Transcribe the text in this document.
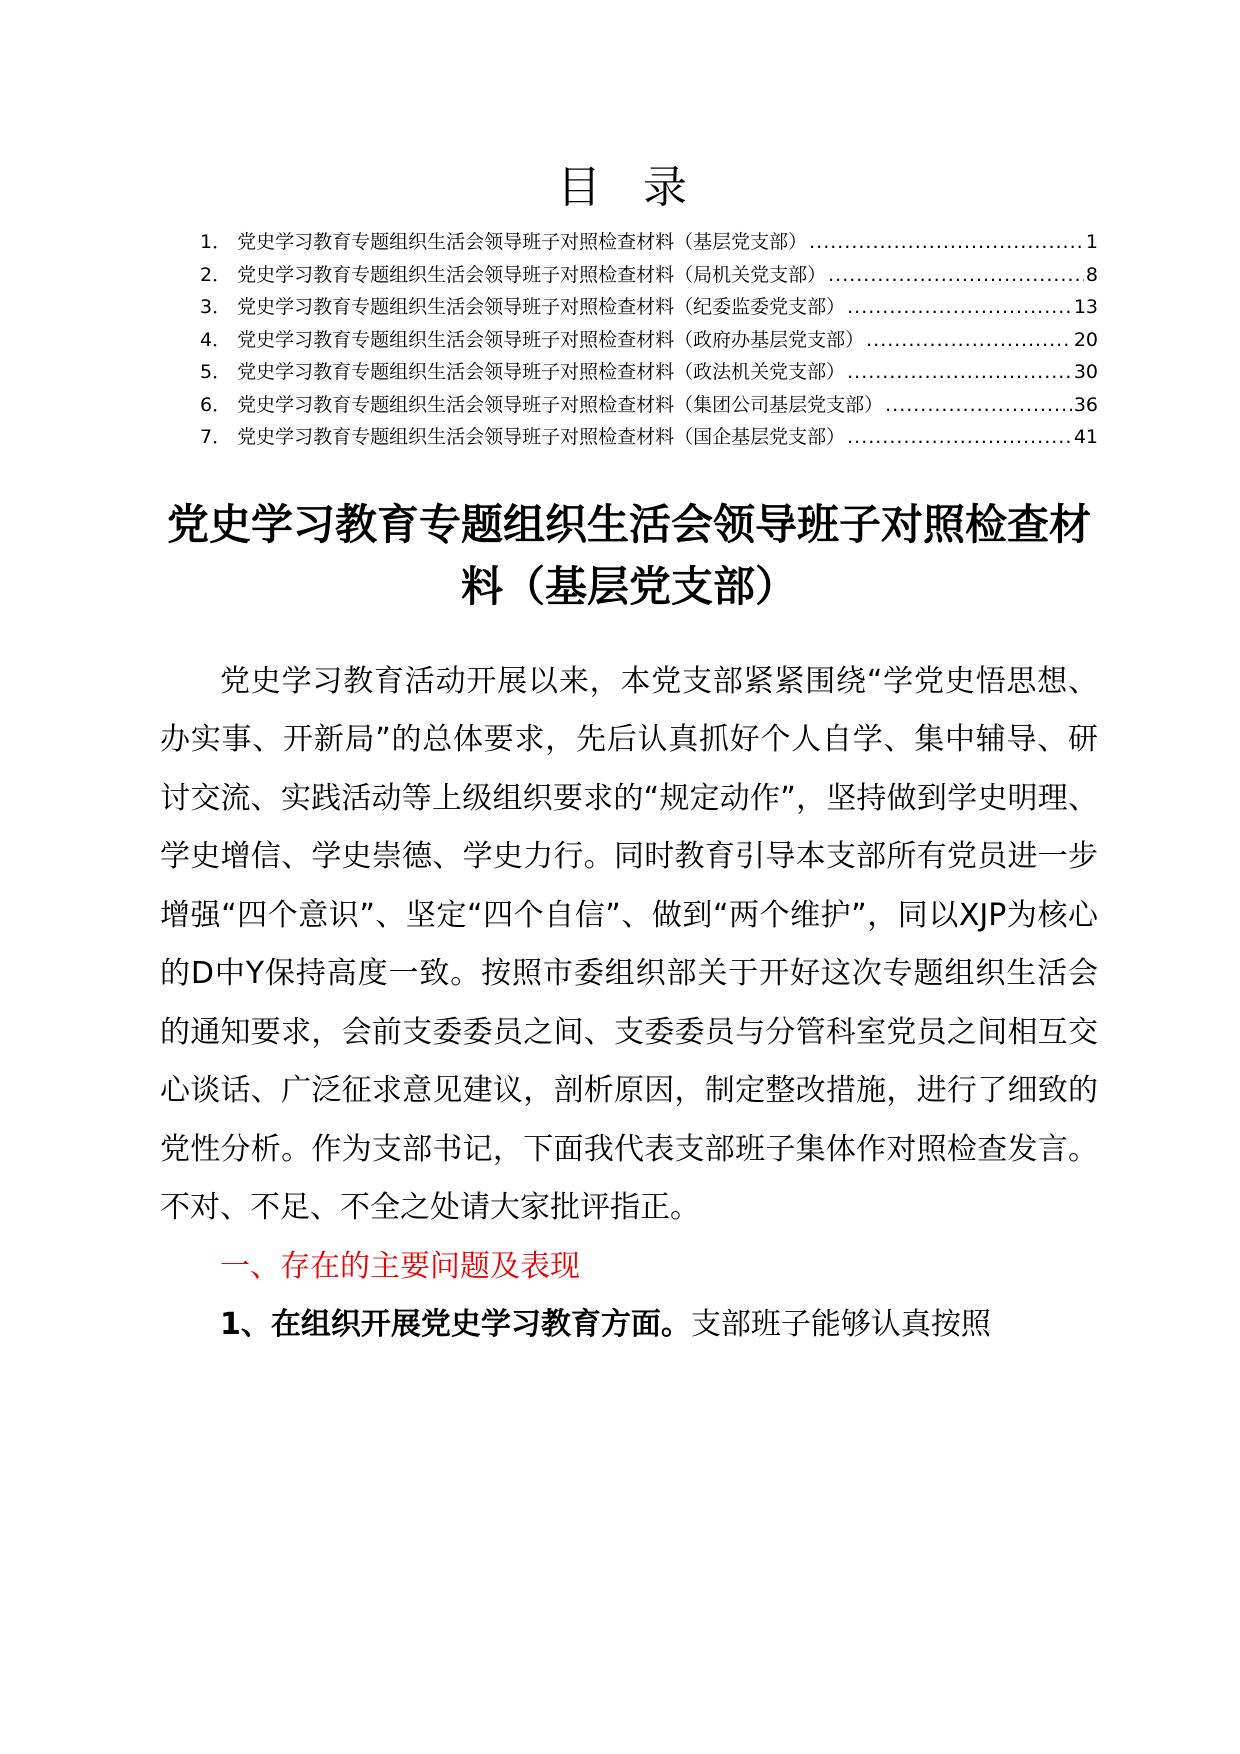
目 录
1． 党史学习教育专题组织生活会领导班子对照检查材料（基层党支部） .....	1
2． 党史学习教育专题组织生活会领导班子对照检查材料（局机关党支部） .....	8
3． 党史学习教育专题组织生活会领导班子对照检查材料（纪委监委党支部） .....	13
4． 党史学习教育专题组织生活会领导班子对照检查材料（政府办基层党支部） .....	20
5． 党史学习教育专题组织生活会领导班子对照检查材料（政法机关党支部） .....	30
6． 党史学习教育专题组织生活会领导班子对照检查材料（集团公司基层党支部） .....	36
7． 党史学习教育专题组织生活会领导班子对照检查材料（国企基层党支部） .....	41
党史学习教育专题组织生活会领导班子对照检查材料（基层党支部）

党史学习教育活动开展以来，本党支部紧紧围绕“学党史悟思想、办实事、开新局”的总体要求，先后认真抓好个人自学、集中辅导、研讨交流、实践活动等上级组织要求的“规定动作”，坚持做到学史明理、学史增信、学史崇德、学史力行。同时教育引导本支部所有党员进一步增强“四个意识”、坚定“四个自信”、做到“两个维护”，同以XJP为核心的D中Y保持高度一致。按照市委组织部关于开好这次专题组织生活会的通知要求，会前支委委员之间、支委委员与分管科室党员之间相互交心谈话、广泛征求意见建议，剖析原因，制定整改措施，进行了细致的党性分析。作为支部书记，下面我代表支部班子集体作对照检查发言。不对、不足、不全之处请大家批评指正。

一、存在的主要问题及表现

1、在组织开展党史学习教育方面。支部班子能够认真按照
